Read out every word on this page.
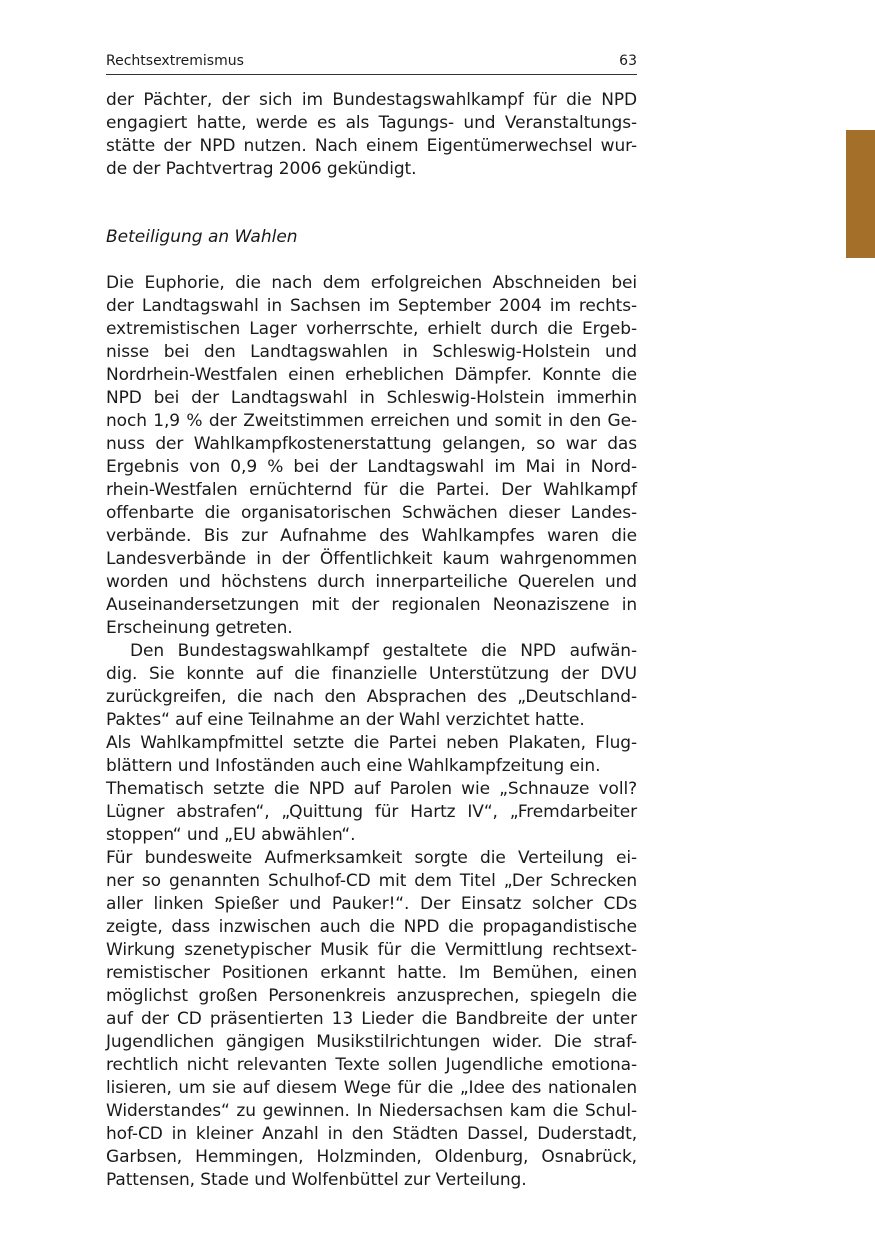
Rechtsextremismus	63
der Pächter, der sich im Bundestagswahlkampf für die NPD
engagiert hatte, werde es als Tagungs- und Veranstaltungs-
stätte der NPD nutzen. Nach einem Eigentümerwechsel wur-
de der Pachtvertrag 2006 gekündigt.
Beteiligung an Wahlen
Die Euphorie, die nach dem erfolgreichen Abschneiden bei
der Landtagswahl in Sachsen im September 2004 im rechts-
extremistischen Lager vorherrschte, erhielt durch die Ergeb-
nisse bei den Landtagswahlen in Schleswig-Holstein und
Nordrhein-Westfalen einen erheblichen Dämpfer. Konnte die
NPD bei der Landtagswahl in Schleswig-Holstein immerhin
noch 1,9 % der Zweitstimmen erreichen und somit in den Ge-
nuss der Wahlkampfkostenerstattung gelangen, so war das
Ergebnis von 0,9 % bei der Landtagswahl im Mai in Nord-
rhein-Westfalen ernüchternd für die Partei. Der Wahlkampf
offenbarte die organisatorischen Schwächen dieser Landes-
verbände. Bis zur Aufnahme des Wahlkampfes waren die
Landesverbände in der Öffentlichkeit kaum wahrgenommen
worden und höchstens durch innerparteiliche Querelen und
Auseinandersetzungen mit der regionalen Neonaziszene in
Erscheinung getreten.
Den Bundestagswahlkampf gestaltete die NPD aufwän-
dig. Sie konnte auf die finanzielle Unterstützung der DVU
zurückgreifen, die nach den Absprachen des „Deutschland-
Paktes“ auf eine Teilnahme an der Wahl verzichtet hatte.
Als Wahlkampfmittel setzte die Partei neben Plakaten, Flug-
blättern und Infoständen auch eine Wahlkampfzeitung ein.
Thematisch setzte die NPD auf Parolen wie „Schnauze voll?
Lügner abstrafen“, „Quittung für Hartz IV“, „Fremdarbeiter
stoppen“ und „EU abwählen“.
Für bundesweite Aufmerksamkeit sorgte die Verteilung ei-
ner so genannten Schulhof-CD mit dem Titel „Der Schrecken
aller linken Spießer und Pauker!“. Der Einsatz solcher CDs
zeigte, dass inzwischen auch die NPD die propagandistische
Wirkung szenetypischer Musik für die Vermittlung rechtsext-
remistischer Positionen erkannt hatte. Im Bemühen, einen
möglichst großen Personenkreis anzusprechen, spiegeln die
auf der CD präsentierten 13 Lieder die Bandbreite der unter
Jugendlichen gängigen Musikstilrichtungen wider. Die straf-
rechtlich nicht relevanten Texte sollen Jugendliche emotiona-
lisieren, um sie auf diesem Wege für die „Idee des nationalen
Widerstandes“ zu gewinnen. In Niedersachsen kam die Schul-
hof-CD in kleiner Anzahl in den Städten Dassel, Duderstadt,
Garbsen, Hemmingen, Holzminden, Oldenburg, Osnabrück,
Pattensen, Stade und Wolfenbüttel zur Verteilung.
